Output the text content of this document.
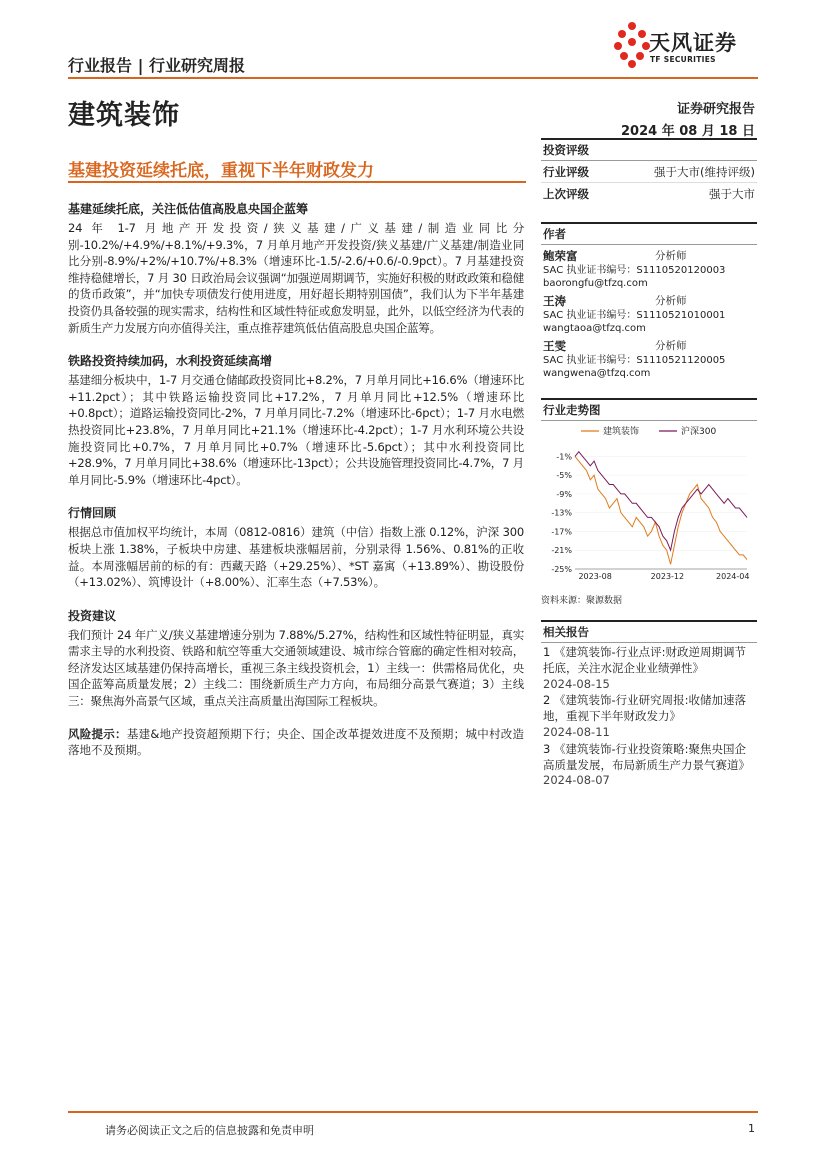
行业报告 | 行业研究周报
天风证券
TF SECURITIES
建筑装饰	证券研究报告
2024 年 08 月 18 日
基建投资延续托底，重视下半年财政发力
基建延续托底，关注低估值高股息央国企蓝筹

24 年 1-7 月地产开发投资/狭义基建/广义基建/制造业同比分别-10.2%/+4.9%/+8.1%/+9.3%，7 月单月地产开发投资/狭义基建/广义基建/制造业同比分别-8.9%/+2%/+10.7%/+8.3%（增速环比-1.5/-2.6/+0.6/-0.9pct）。7 月基建投资维持稳健增长，7 月 30 日政治局会议强调“加强逆周期调节，实施好积极的财政政策和稳健的货币政策”，并“加快专项债发行使用进度，用好超长期特别国债”，我们认为下半年基建投资仍具备较强的现实需求，结构性和区域性特征或愈发明显，此外，以低空经济为代表的新质生产力发展方向亦值得关注，重点推荐建筑低估值高股息央国企蓝筹。

铁路投资持续加码，水利投资延续高增

基建细分板块中，1-7 月交通仓储邮政投资同比+8.2%，7 月单月同比+16.6%（增速环比+11.2pct）；其中铁路运输投资同比+17.2%，7 月单月同比+12.5%（增速环比+0.8pct）；道路运输投资同比-2%，7 月单月同比-7.2%（增速环比-6pct）；1-7 月水电燃热投资同比+23.8%，7 月单月同比+21.1%（增速环比-4.2pct）；1-7 月水利环境公共设施投资同比+0.7%，7 月单月同比+0.7%（增速环比-5.6pct）；其中水利投资同比+28.9%，7 月单月同比+38.6%（增速环比-13pct）；公共设施管理投资同比-4.7%，7 月单月同比-5.9%（增速环比-4pct）。

行情回顾

根据总市值加权平均统计，本周（0812-0816）建筑（中信）指数上涨 0.12%，沪深 300 板块上涨 1.38%，子板块中房建、基建板块涨幅居前，分别录得 1.56%、0.81%的正收益。本周涨幅居前的标的有：西藏天路（+29.25%）、*ST 嘉寓（+13.89%）、勘设股份（+13.02%）、筑博设计（+8.00%）、汇率生态（+7.53%）。

投资建议

我们预计 24 年广义/狭义基建增速分别为 7.88%/5.27%，结构性和区域性特征明显，真实需求主导的水利投资、铁路和航空等重大交通领域建设、城市综合管廊的确定性相对较高，经济发达区域基建仍保持高增长，重视三条主线投资机会，1）主线一：供需格局优化，央国企蓝筹高质量发展；2）主线二：围绕新质生产力方向，布局细分高景气赛道；3）主线三：聚焦海外高景气区域，重点关注高质量出海国际工程板块。

风险提示：基建&地产投资超预期下行；央企、国企改革提效进度不及预期；城中村改造落地不及预期。
投资评级
行业评级	强于大市(维持评级)
上次评级	强于大市
作者
鲍荣富	分析师
SAC 执业证书编号：S1110520120003
baorongfu@tfzq.com
王涛	分析师
SAC 执业证书编号：S1110521010001
wangtaoa@tfzq.com
王雯	分析师
SAC 执业证书编号：S1110521120005
wangwena@tfzq.com
行业走势图
建筑装饰	沪深300
-1%
-5%
-9%
-13%
-17%
-21%
-25%
2023-08	2023-12	2024-04
资料来源：聚源数据
相关报告
1 《建筑装饰-行业点评:财政逆周期调节托底，关注水泥企业业绩弹性》
2024-08-15
2 《建筑装饰-行业研究周报:收储加速落地，重视下半年财政发力》
2024-08-11
3 《建筑装饰-行业投资策略:聚焦央国企高质量发展，布局新质生产力景气赛道》 2024-08-07
请务必阅读正文之后的信息披露和免责申明	1
